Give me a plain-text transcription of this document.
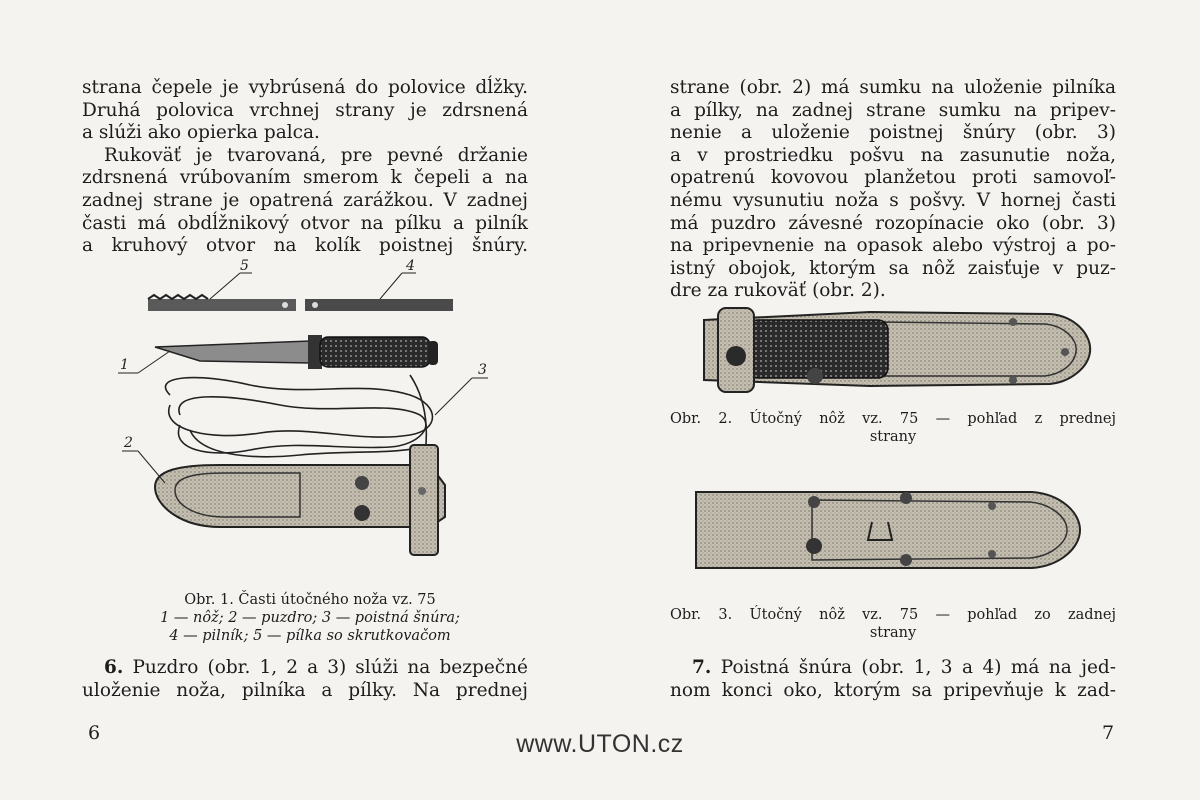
strana čepele je vybrúsená do polovice dĺžky.
Druhá polovica vrchnej strany je zdrsnená
a slúži ako opierka palca.
Rukoväť je tvarovaná, pre pevné držanie
zdrsnená vrúbovaním smerom k čepeli a na
zadnej strane je opatrená zarážkou. V zadnej
časti má obdĺžnikový otvor na pílku a pilník
a kruhový otvor na kolík poistnej šnúry.
5	4
1	3
2
Obr. 1. Časti útočného noža vz. 75
1 — nôž; 2 — puzdro; 3 — poistná šnúra;
4 — pilník; 5 — pílka so skrutkovačom
6. Puzdro (obr. 1, 2 a 3) slúži na bezpečné
uloženie noža, pilníka a pílky. Na prednej
6
strane (obr. 2) má sumku na uloženie pilníka
a pílky, na zadnej strane sumku na pripev-
nenie a uloženie poistnej šnúry (obr. 3)
a v prostriedku pošvu na zasunutie noža,
opatrenú kovovou planžetou proti samovoľ-
nému vysunutiu noža s pošvy. V hornej časti
má puzdro závesné rozopínacie oko (obr. 3)
na pripevnenie na opasok alebo výstroj a po-
istný obojok, ktorým sa nôž zaisťuje v puz-
dre za rukoväť (obr. 2).
Obr. 2. Útočný nôž vz. 75 — pohľad z prednej
strany
Obr. 3. Útočný nôž vz. 75 — pohľad zo zadnej
strany
7. Poistná šnúra (obr. 1, 3 a 4) má na jed-
nom konci oko, ktorým sa pripevňuje k zad-
7
www.UTON.cz
